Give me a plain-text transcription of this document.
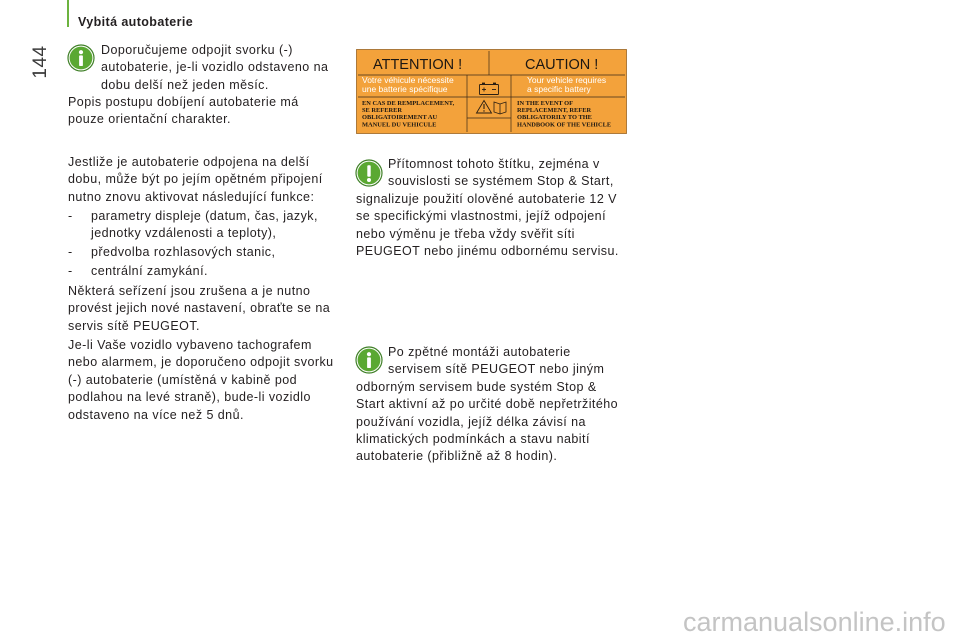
Vybitá autobaterie
144	Doporučujeme odpojit svorku (-)
autobaterie, je-li vozidlo odstaveno na
dobu delší než jeden měsíc.
Popis postupu dobíjení autobaterie má
pouze orientační charakter.
Jestliže je autobaterie odpojena na delší
dobu, může být po jejím opětném připojení
nutno znovu aktivovat následující funkce:
- parametry displeje (datum, čas, jazyk,
jednotky vzdálenosti a teploty),
- předvolba rozhlasových stanic,
- centrální zamykání.
Některá seřízení jsou zrušena a je nutno
provést jejich nové nastavení, obraťte se na
servis sítě PEUGEOT.
Je-li Vaše vozidlo vybaveno tachografem
nebo alarmem, je doporučeno odpojit svorku
(-) autobaterie (umístěná v kabině pod
podlahou na levé straně), bude-li vozidlo
odstaveno na více než 5 dnů.
ATTENTION !	CAUTION !
Votre véhicule nécessite
une batterie spécifique
Your vehicle requires
a specific battery
EN CAS DE REMPLACEMENT,
SE REFERER
OBLIGATOIREMENT AU
MANUEL DU VEHICULE
IN THE EVENT OF
REPLACEMENT, REFER
OBLIGATORILY TO THE
HANDBOOK OF THE VEHICLE
Přítomnost tohoto štítku, zejména v
souvislosti se systémem Stop & Start,
signalizuje použití olověné autobaterie 12 V
se specifickými vlastnostmi, jejíž odpojení
nebo výměnu je třeba vždy svěřit síti
PEUGEOT nebo jinému odbornému servisu.
Po zpětné montáži autobaterie
servisem sítě PEUGEOT nebo jiným
odborným servisem bude systém Stop &
Start aktivní až po určité době nepřetržitého
používání vozidla, jejíž délka závisí na
klimatických podmínkách a stavu nabití
autobaterie (přibližně až 8 hodin).
carmanualsonline.info
